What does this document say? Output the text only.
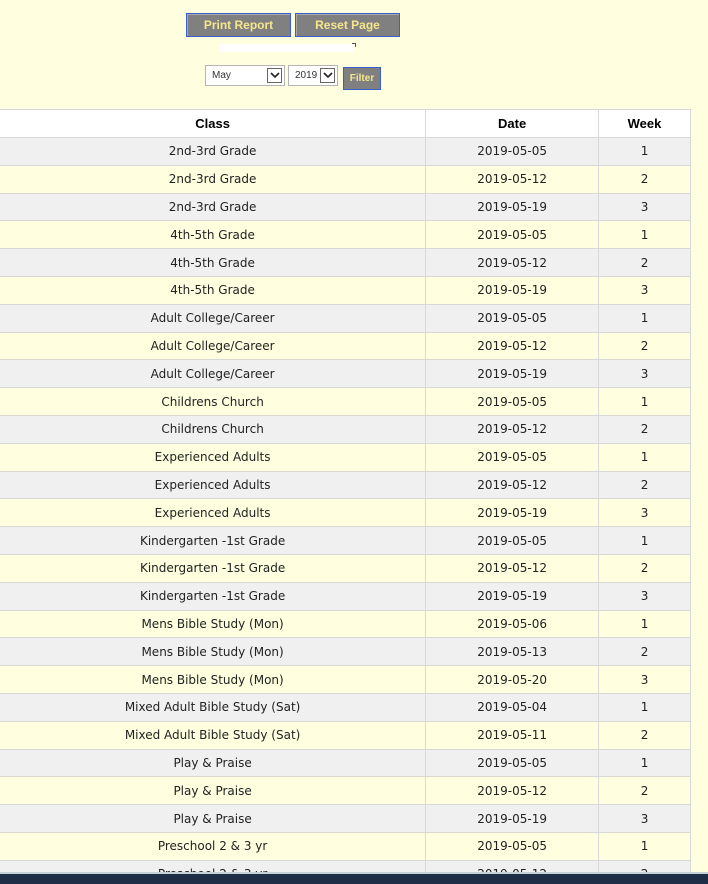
Print Report	Reset Page
May	2019	Filter
Class	Date	Week
2nd-3rd Grade	2019-05-05	1
2nd-3rd Grade	2019-05-12	2
2nd-3rd Grade	2019-05-19	3
4th-5th Grade	2019-05-05	1
4th-5th Grade	2019-05-12	2
4th-5th Grade	2019-05-19	3
Adult College/Career	2019-05-05	1
Adult College/Career	2019-05-12	2
Adult College/Career	2019-05-19	3
Childrens Church	2019-05-05	1
Childrens Church	2019-05-12	2
Experienced Adults	2019-05-05	1
Experienced Adults	2019-05-12	2
Experienced Adults	2019-05-19	3
Kindergarten -1st Grade	2019-05-05	1
Kindergarten -1st Grade	2019-05-12	2
Kindergarten -1st Grade	2019-05-19	3
Mens Bible Study (Mon)	2019-05-06	1
Mens Bible Study (Mon)	2019-05-13	2
Mens Bible Study (Mon)	2019-05-20	3
Mixed Adult Bible Study (Sat)	2019-05-04	1
Mixed Adult Bible Study (Sat)	2019-05-11	2
Play & Praise	2019-05-05	1
Play & Praise	2019-05-12	2
Play & Praise	2019-05-19	3
Preschool 2 & 3 yr	2019-05-05	1
